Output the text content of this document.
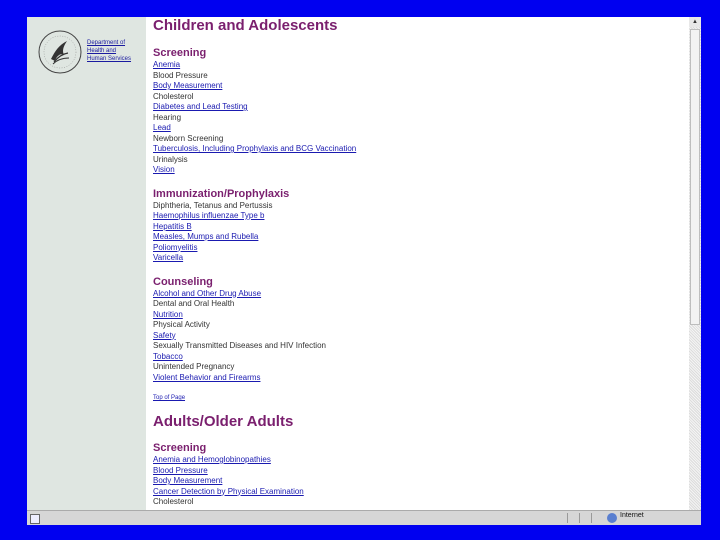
Department of
Health and
Human Services
Children and Adolescents
Screening
Anemia
Blood Pressure
Body Measurement
Cholesterol
Diabetes and Lead Testing
Hearing
Lead
Newborn Screening
Tuberculosis, Including Prophylaxis and BCG Vaccination
Urinalysis
Vision
Immunization/Prophylaxis
Diphtheria, Tetanus and Pertussis
Haemophilus influenzae Type b
Hepatitis B
Measles, Mumps and Rubella
Poliomyelitis
Varicella
Counseling
Alcohol and Other Drug Abuse
Dental and Oral Health
Nutrition
Physical Activity
Safety
Sexually Transmitted Diseases and HIV Infection
Tobacco
Unintended Pregnancy
Violent Behavior and Firearms
Top of Page
Adults/Older Adults
Screening
Anemia and Hemoglobinopathies
Blood Pressure
Body Measurement
Cancer Detection by Physical Examination
Cholesterol
▲
Internet
